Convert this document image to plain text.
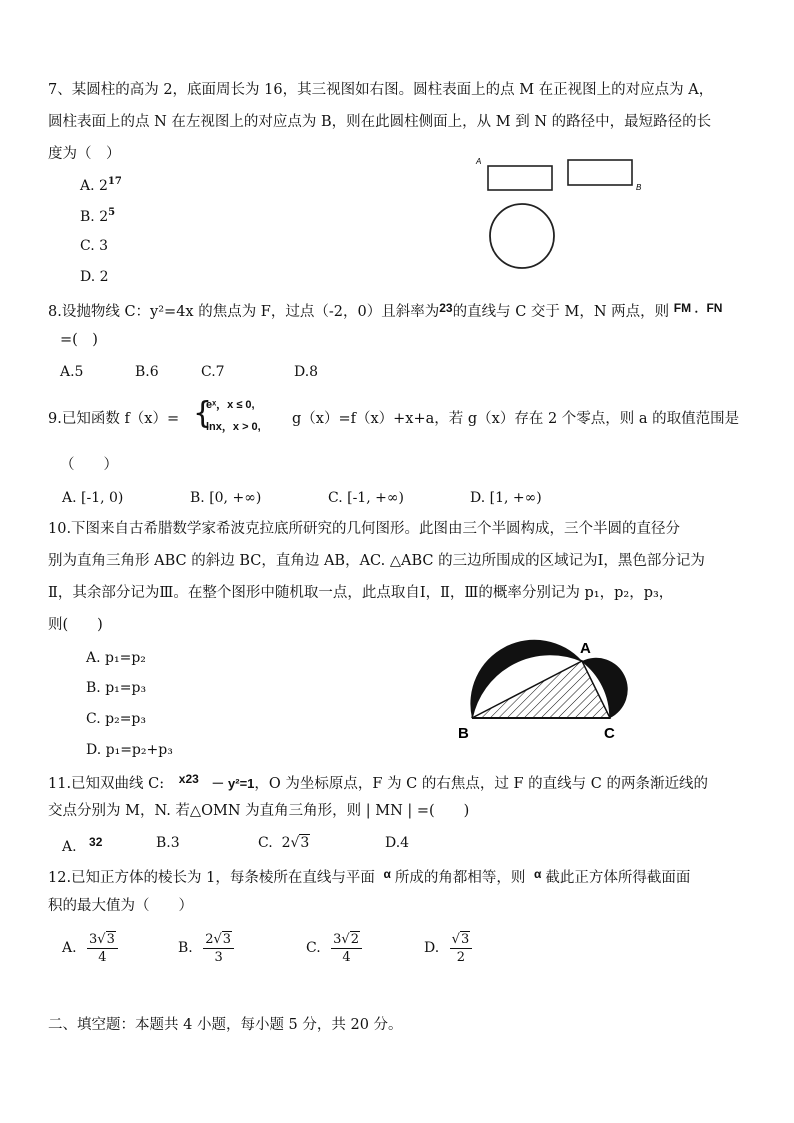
7、某圆柱的高为 2，底面周长为 16，其三视图如右图。圆柱表面上的点 M 在正视图上的对应点为 A，
圆柱表面上的点 N 在左视图上的对应点为 B，则在此圆柱侧面上，从 M 到 N 的路径中，最短路径的长
度为（　）
A. $2^{17}$
B. $2^5$
C. 3
D. 2
A
B
8.设抛物线 C：y²=4x 的焦点为 F，过点（-2，0）且斜率为$^{23}$的直线与 C 交于 M，N 两点，则 $^{FM .FN}$
=(　)
A.5	B.6	C.7	D.8
9.已知函数 f（x）= {
eˣ，x ≤ 0,
lnx，x > 0, g（x）=f（x）+x+a，若 g（x）存在 2 个零点，则 a 的取值范围是
（　　）
A. [-1, 0)	B. [0, +∞)	C. [-1, +∞)	D. [1, +∞)
10.下图来自古希腊数学家希波克拉底所研究的几何图形。此图由三个半圆构成，三个半圆的直径分
别为直角三角形 ABC 的斜边 BC，直角边 AB，AC. △ABC 的三边所围成的区域记为Ⅰ，黑色部分记为
Ⅱ，其余部分记为Ⅲ。在整个图形中随机取一点，此点取自Ⅰ，Ⅱ，Ⅲ的概率分别记为 p₁，p₂，p₃，
则(　　)
A. p₁=p₂
B. p₁=p₃
C. p₂=p₃
D. p₁=p₂+p₃
A
B	C
11.已知双曲线 C: $^{x23}$ － y²=1，O 为坐标原点，F 为 C 的右焦点，过 F 的直线与 C 的两条渐近线的
交点分别为 M，N. 若△OMN 为直角三角形，则 | MN | =(　　)
A. 32	B.3	C. 2√3	D.4
12.已知正方体的棱长为 1，每条棱所在直线与平面 $^\alpha$ 所成的角都相等，则 $^\alpha$ 截此正方体所得截面面
积的最大值为（　　）
A. $\frac{3√3}{4}$	B. $\frac{2√3}{3}$	C. $\frac{3√2}{4}$	D. $\frac{√3}{2}$
二、填空题：本题共 4 小题，每小题 5 分，共 20 分。
